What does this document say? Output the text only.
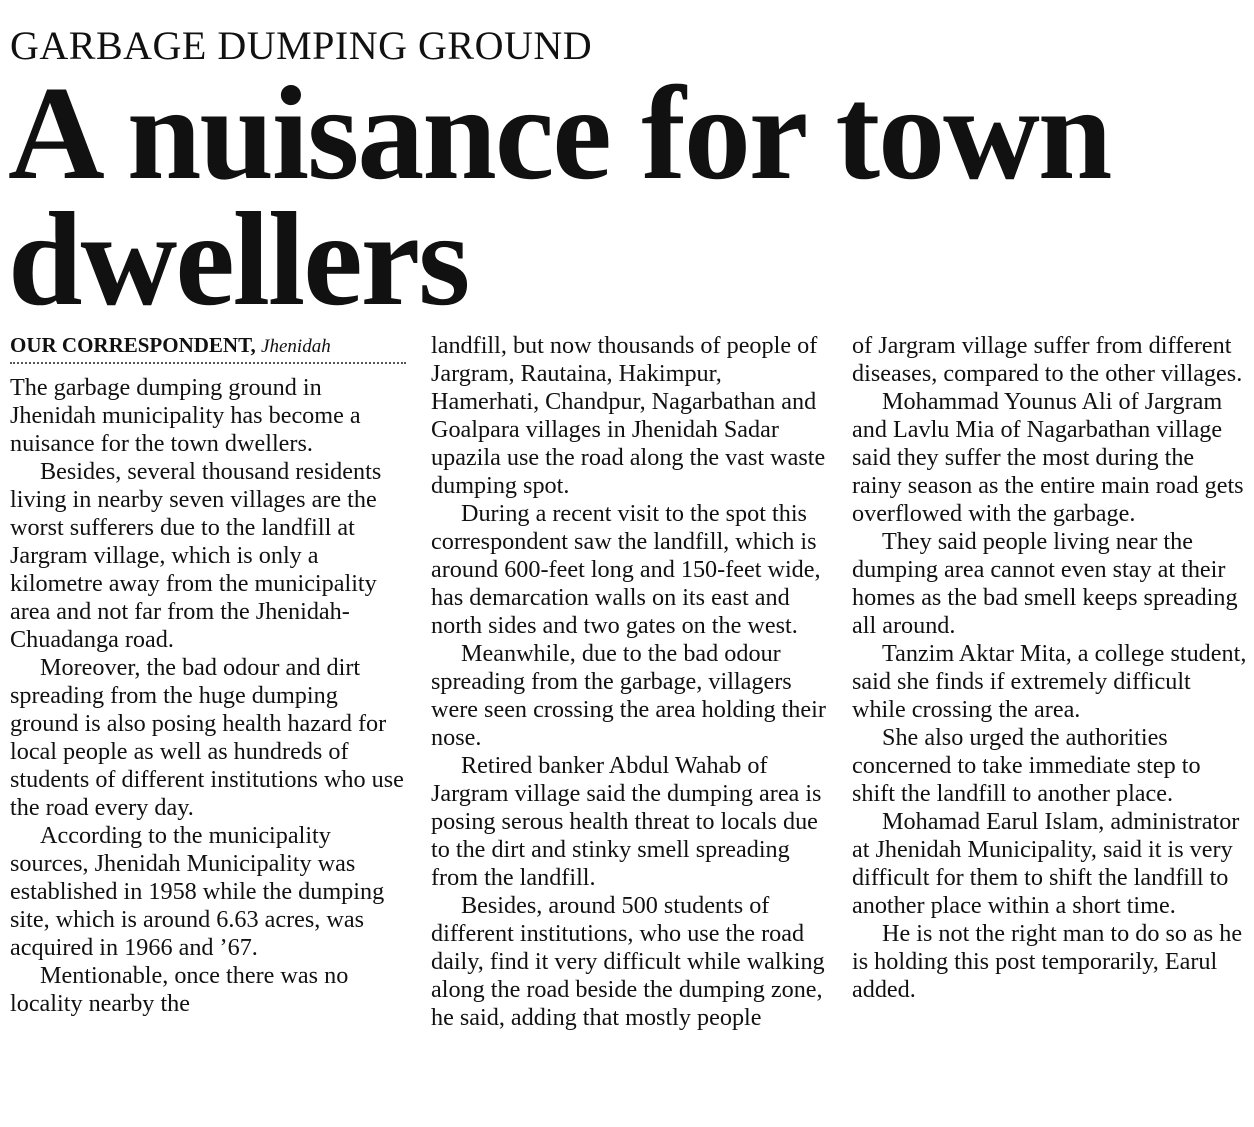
GARBAGE DUMPING GROUND
A nuisance for town dwellers
OUR CORRESPONDENT, Jhenidah

The garbage dumping ground in Jhenidah municipality has become a nuisance for the town dwellers.

Besides, several thousand residents living in nearby seven villages are the worst sufferers due to the landfill at Jargram village, which is only a kilometre away from the municipality area and not far from the Jhenidah-Chuadanga road.

Moreover, the bad odour and dirt spreading from the huge dumping ground is also posing health hazard for local people as well as hundreds of students of different institutions who use the road every day.

According to the municipality sources, Jhenidah Municipality was established in 1958 while the dumping site, which is around 6.63 acres, was acquired in 1966 and ’67.

Mentionable, once there was no locality nearby the

landfill, but now thousands of people of Jargram, Rautaina, Hakimpur, Hamerhati, Chandpur, Nagarbathan and Goalpara villages in Jhenidah Sadar upazila use the road along the vast waste dumping spot.

During a recent visit to the spot this correspondent saw the landfill, which is around 600-feet long and 150-feet wide, has demarcation walls on its east and north sides and two gates on the west.

Meanwhile, due to the bad odour spreading from the garbage, villagers were seen crossing the area holding their nose.

Retired banker Abdul Wahab of Jargram village said the dumping area is posing serous health threat to locals due to the dirt and stinky smell spreading from the landfill.

Besides, around 500 students of different institutions, who use the road daily, find it very difficult while walking along the road beside the dumping zone, he said, adding that mostly people

of Jargram village suffer from different diseases, compared to the other villages.

Mohammad Younus Ali of Jargram and Lavlu Mia of Nagarbathan village said they suffer the most during the rainy season as the entire main road gets overflowed with the garbage.

They said people living near the dumping area cannot even stay at their homes as the bad smell keeps spreading all around.

Tanzim Aktar Mita, a college student, said she finds if extremely difficult while crossing the area.

She also urged the authorities concerned to take immediate step to shift the landfill to another place.

Mohamad Earul Islam, administrator at Jhenidah Municipality, said it is very difficult for them to shift the landfill to another place within a short time.

He is not the right man to do so as he is holding this post temporarily, Earul added.
